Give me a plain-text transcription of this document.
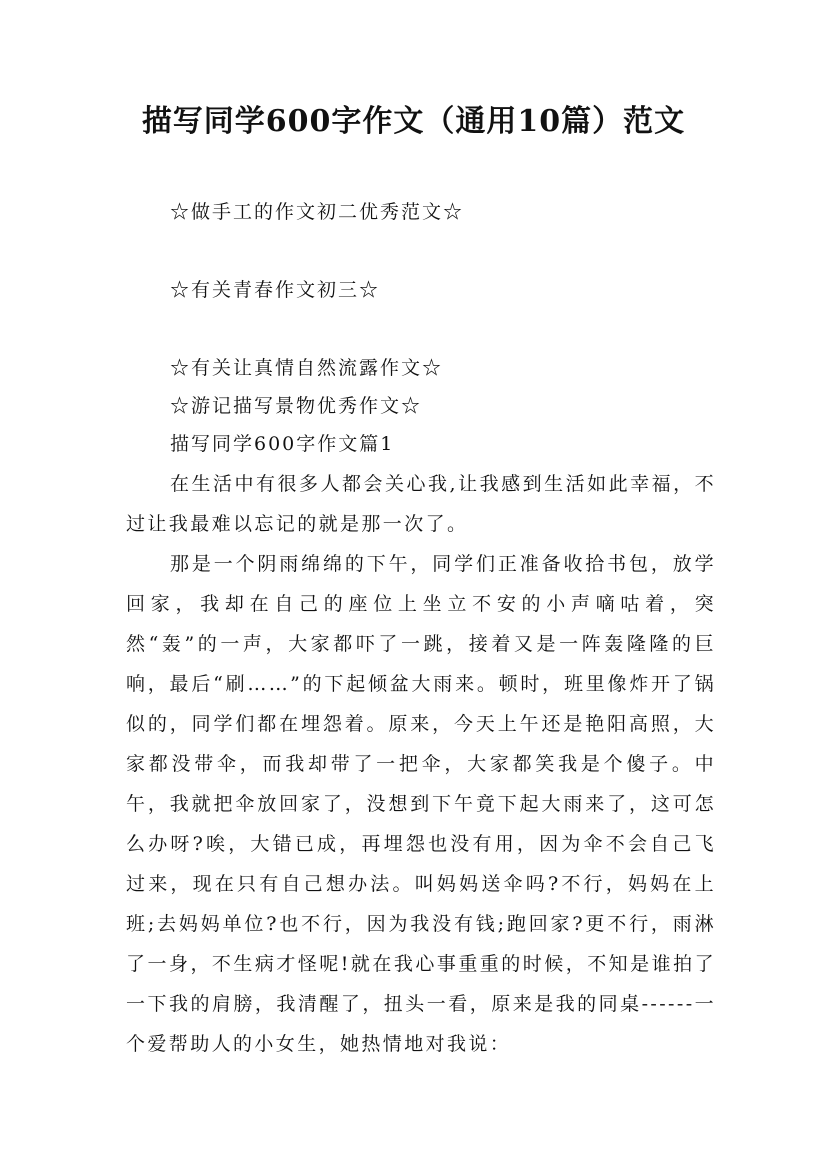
描写同学600字作文（通用10篇）范文
☆做手工的作文初二优秀范文☆
☆有关青春作文初三☆
☆有关让真情自然流露作文☆
☆游记描写景物优秀作文☆
描写同学600字作文篇1

在生活中有很多人都会关心我,让我感到生活如此幸福，不过让我最难以忘记的就是那一次了。

那是一个阴雨绵绵的下午，同学们正准备收拾书包，放学回家，我却在自己的座位上坐立不安的小声嘀咕着，突然“轰”的一声，大家都吓了一跳，接着又是一阵轰隆隆的巨响，最后“刷……”的下起倾盆大雨来。顿时，班里像炸开了锅似的，同学们都在埋怨着。原来，今天上午还是艳阳高照，大家都没带伞，而我却带了一把伞，大家都笑我是个傻子。中午，我就把伞放回家了，没想到下午竟下起大雨来了，这可怎么办呀?唉，大错已成，再埋怨也没有用，因为伞不会自己飞过来，现在只有自己想办法。叫妈妈送伞吗?不行，妈妈在上班;去妈妈单位?也不行，因为我没有钱;跑回家?更不行，雨淋了一身，不生病才怪呢!就在我心事重重的时候，不知是谁拍了一下我的肩膀，我清醒了，扭头一看，原来是我的同桌------一个爱帮助人的小女生，她热情地对我说：
